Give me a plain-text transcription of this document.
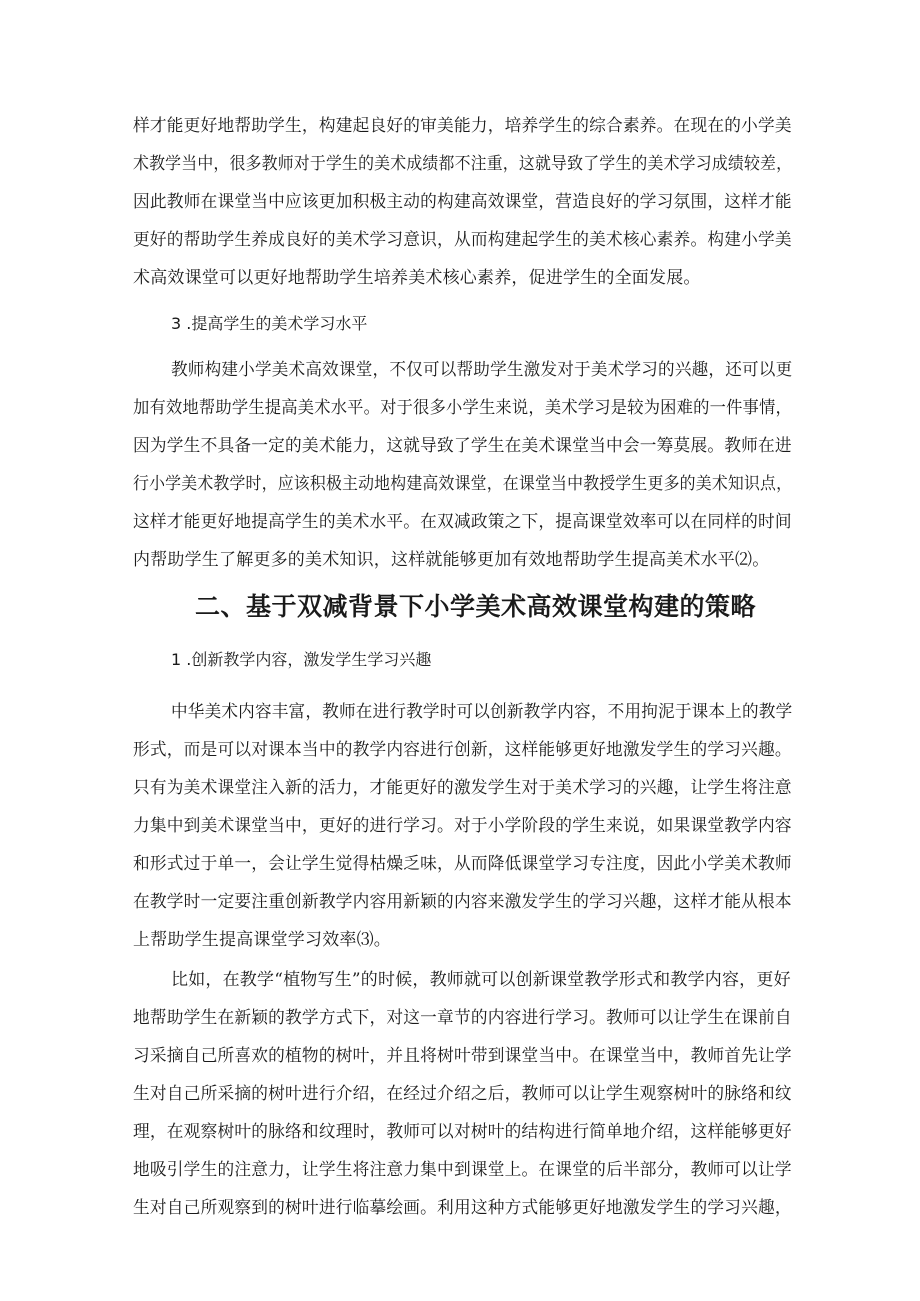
样才能更好地帮助学生，构建起良好的审美能力，培养学生的综合素养。在现在的小学美
术教学当中，很多教师对于学生的美术成绩都不注重，这就导致了学生的美术学习成绩较差，
因此教师在课堂当中应该更加积极主动的构建高效课堂，营造良好的学习氛围，这样才能
更好的帮助学生养成良好的美术学习意识，从而构建起学生的美术核心素养。构建小学美
术高效课堂可以更好地帮助学生培养美术核心素养，促进学生的全面发展。
3 .提高学生的美术学习水平
教师构建小学美术高效课堂，不仅可以帮助学生激发对于美术学习的兴趣，还可以更
加有效地帮助学生提高美术水平。对于很多小学生来说，美术学习是较为困难的一件事情，
因为学生不具备一定的美术能力，这就导致了学生在美术课堂当中会一筹莫展。教师在进
行小学美术教学时，应该积极主动地构建高效课堂，在课堂当中教授学生更多的美术知识点，
这样才能更好地提高学生的美术水平。在双减政策之下，提高课堂效率可以在同样的时间
内帮助学生了解更多的美术知识，这样就能够更加有效地帮助学生提高美术水平⑵。
二、基于双减背景下小学美术高效课堂构建的策略
1 .创新教学内容，激发学生学习兴趣
中华美术内容丰富，教师在进行教学时可以创新教学内容，不用拘泥于课本上的教学
形式，而是可以对课本当中的教学内容进行创新，这样能够更好地激发学生的学习兴趣。
只有为美术课堂注入新的活力，才能更好的激发学生对于美术学习的兴趣，让学生将注意
力集中到美术课堂当中，更好的进行学习。对于小学阶段的学生来说，如果课堂教学内容
和形式过于单一，会让学生觉得枯燥乏味，从而降低课堂学习专注度，因此小学美术教师
在教学时一定要注重创新教学内容用新颖的内容来激发学生的学习兴趣，这样才能从根本
上帮助学生提高课堂学习效率⑶。
比如，在教学“植物写生”的时候，教师就可以创新课堂教学形式和教学内容，更好
地帮助学生在新颖的教学方式下，对这一章节的内容进行学习。教师可以让学生在课前自
习采摘自己所喜欢的植物的树叶，并且将树叶带到课堂当中。在课堂当中，教师首先让学
生对自己所采摘的树叶进行介绍，在经过介绍之后，教师可以让学生观察树叶的脉络和纹
理，在观察树叶的脉络和纹理时，教师可以对树叶的结构进行简单地介绍，这样能够更好
地吸引学生的注意力，让学生将注意力集中到课堂上。在课堂的后半部分，教师可以让学
生对自己所观察到的树叶进行临摹绘画。利用这种方式能够更好地激发学生的学习兴趣，
